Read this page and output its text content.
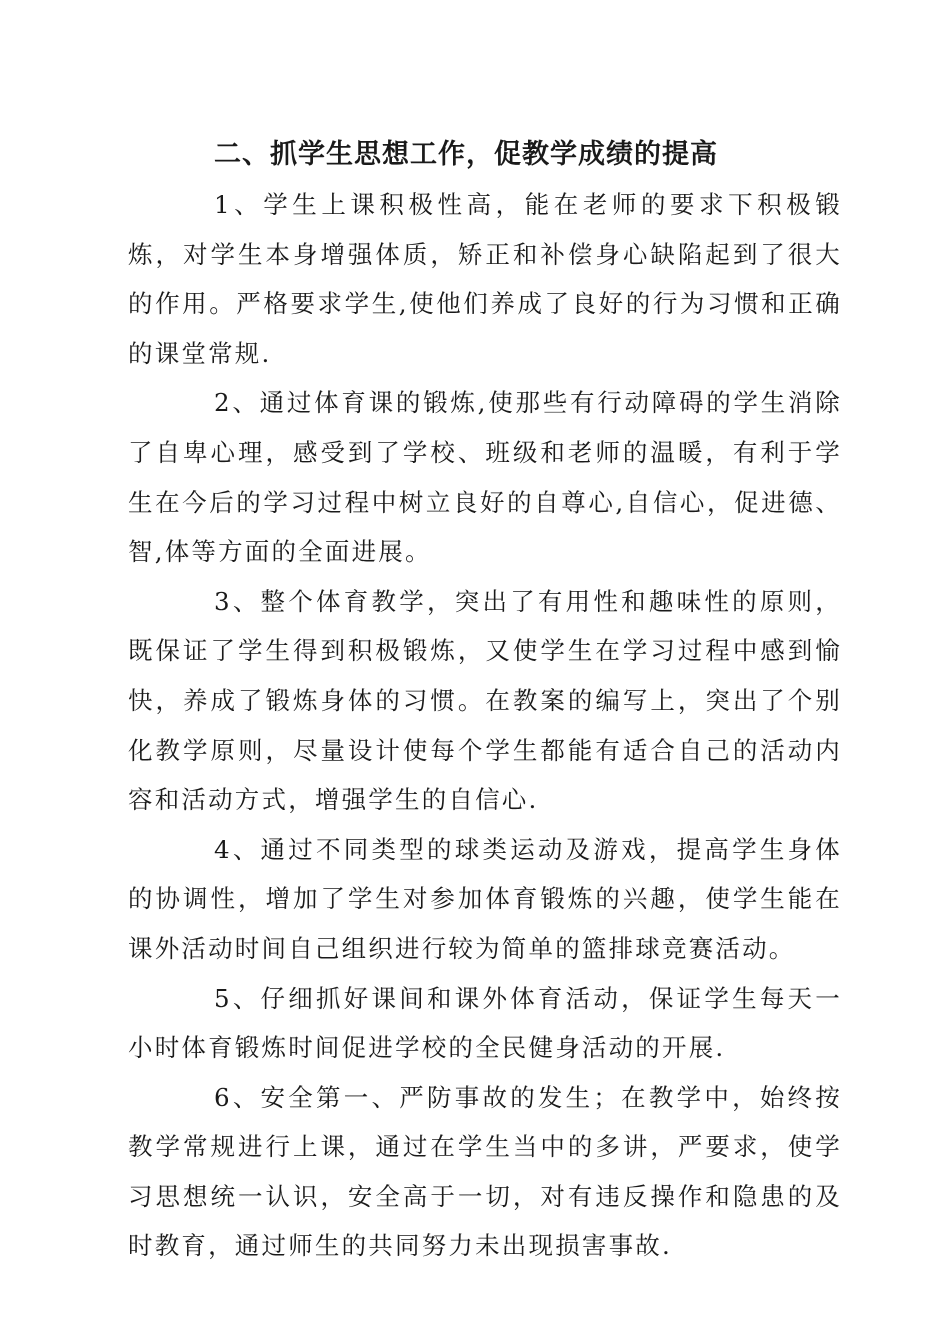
二、抓学生思想工作，促教学成绩的提高

1、学生上课积极性高，能在老师的要求下积极锻炼，对学生本身增强体质，矫正和补偿身心缺陷起到了很大的作用。严格要求学生,使他们养成了良好的行为习惯和正确的课堂常规.

2、通过体育课的锻炼,使那些有行动障碍的学生消除了自卑心理，感受到了学校、班级和老师的温暖，有利于学生在今后的学习过程中树立良好的自尊心,自信心，促进德、智,体等方面的全面进展。

3、整个体育教学，突出了有用性和趣味性的原则，既保证了学生得到积极锻炼，又使学生在学习过程中感到愉快，养成了锻炼身体的习惯。在教案的编写上，突出了个别化教学原则，尽量设计使每个学生都能有适合自己的活动内容和活动方式，增强学生的自信心.

4、通过不同类型的球类运动及游戏，提高学生身体的协调性，增加了学生对参加体育锻炼的兴趣，使学生能在课外活动时间自己组织进行较为简单的篮排球竞赛活动。

5、仔细抓好课间和课外体育活动，保证学生每天一小时体育锻炼时间促进学校的全民健身活动的开展.

6、安全第一、严防事故的发生；在教学中，始终按教学常规进行上课，通过在学生当中的多讲，严要求，使学习思想统一认识，安全高于一切，对有违反操作和隐患的及时教育，通过师生的共同努力未出现损害事故.
